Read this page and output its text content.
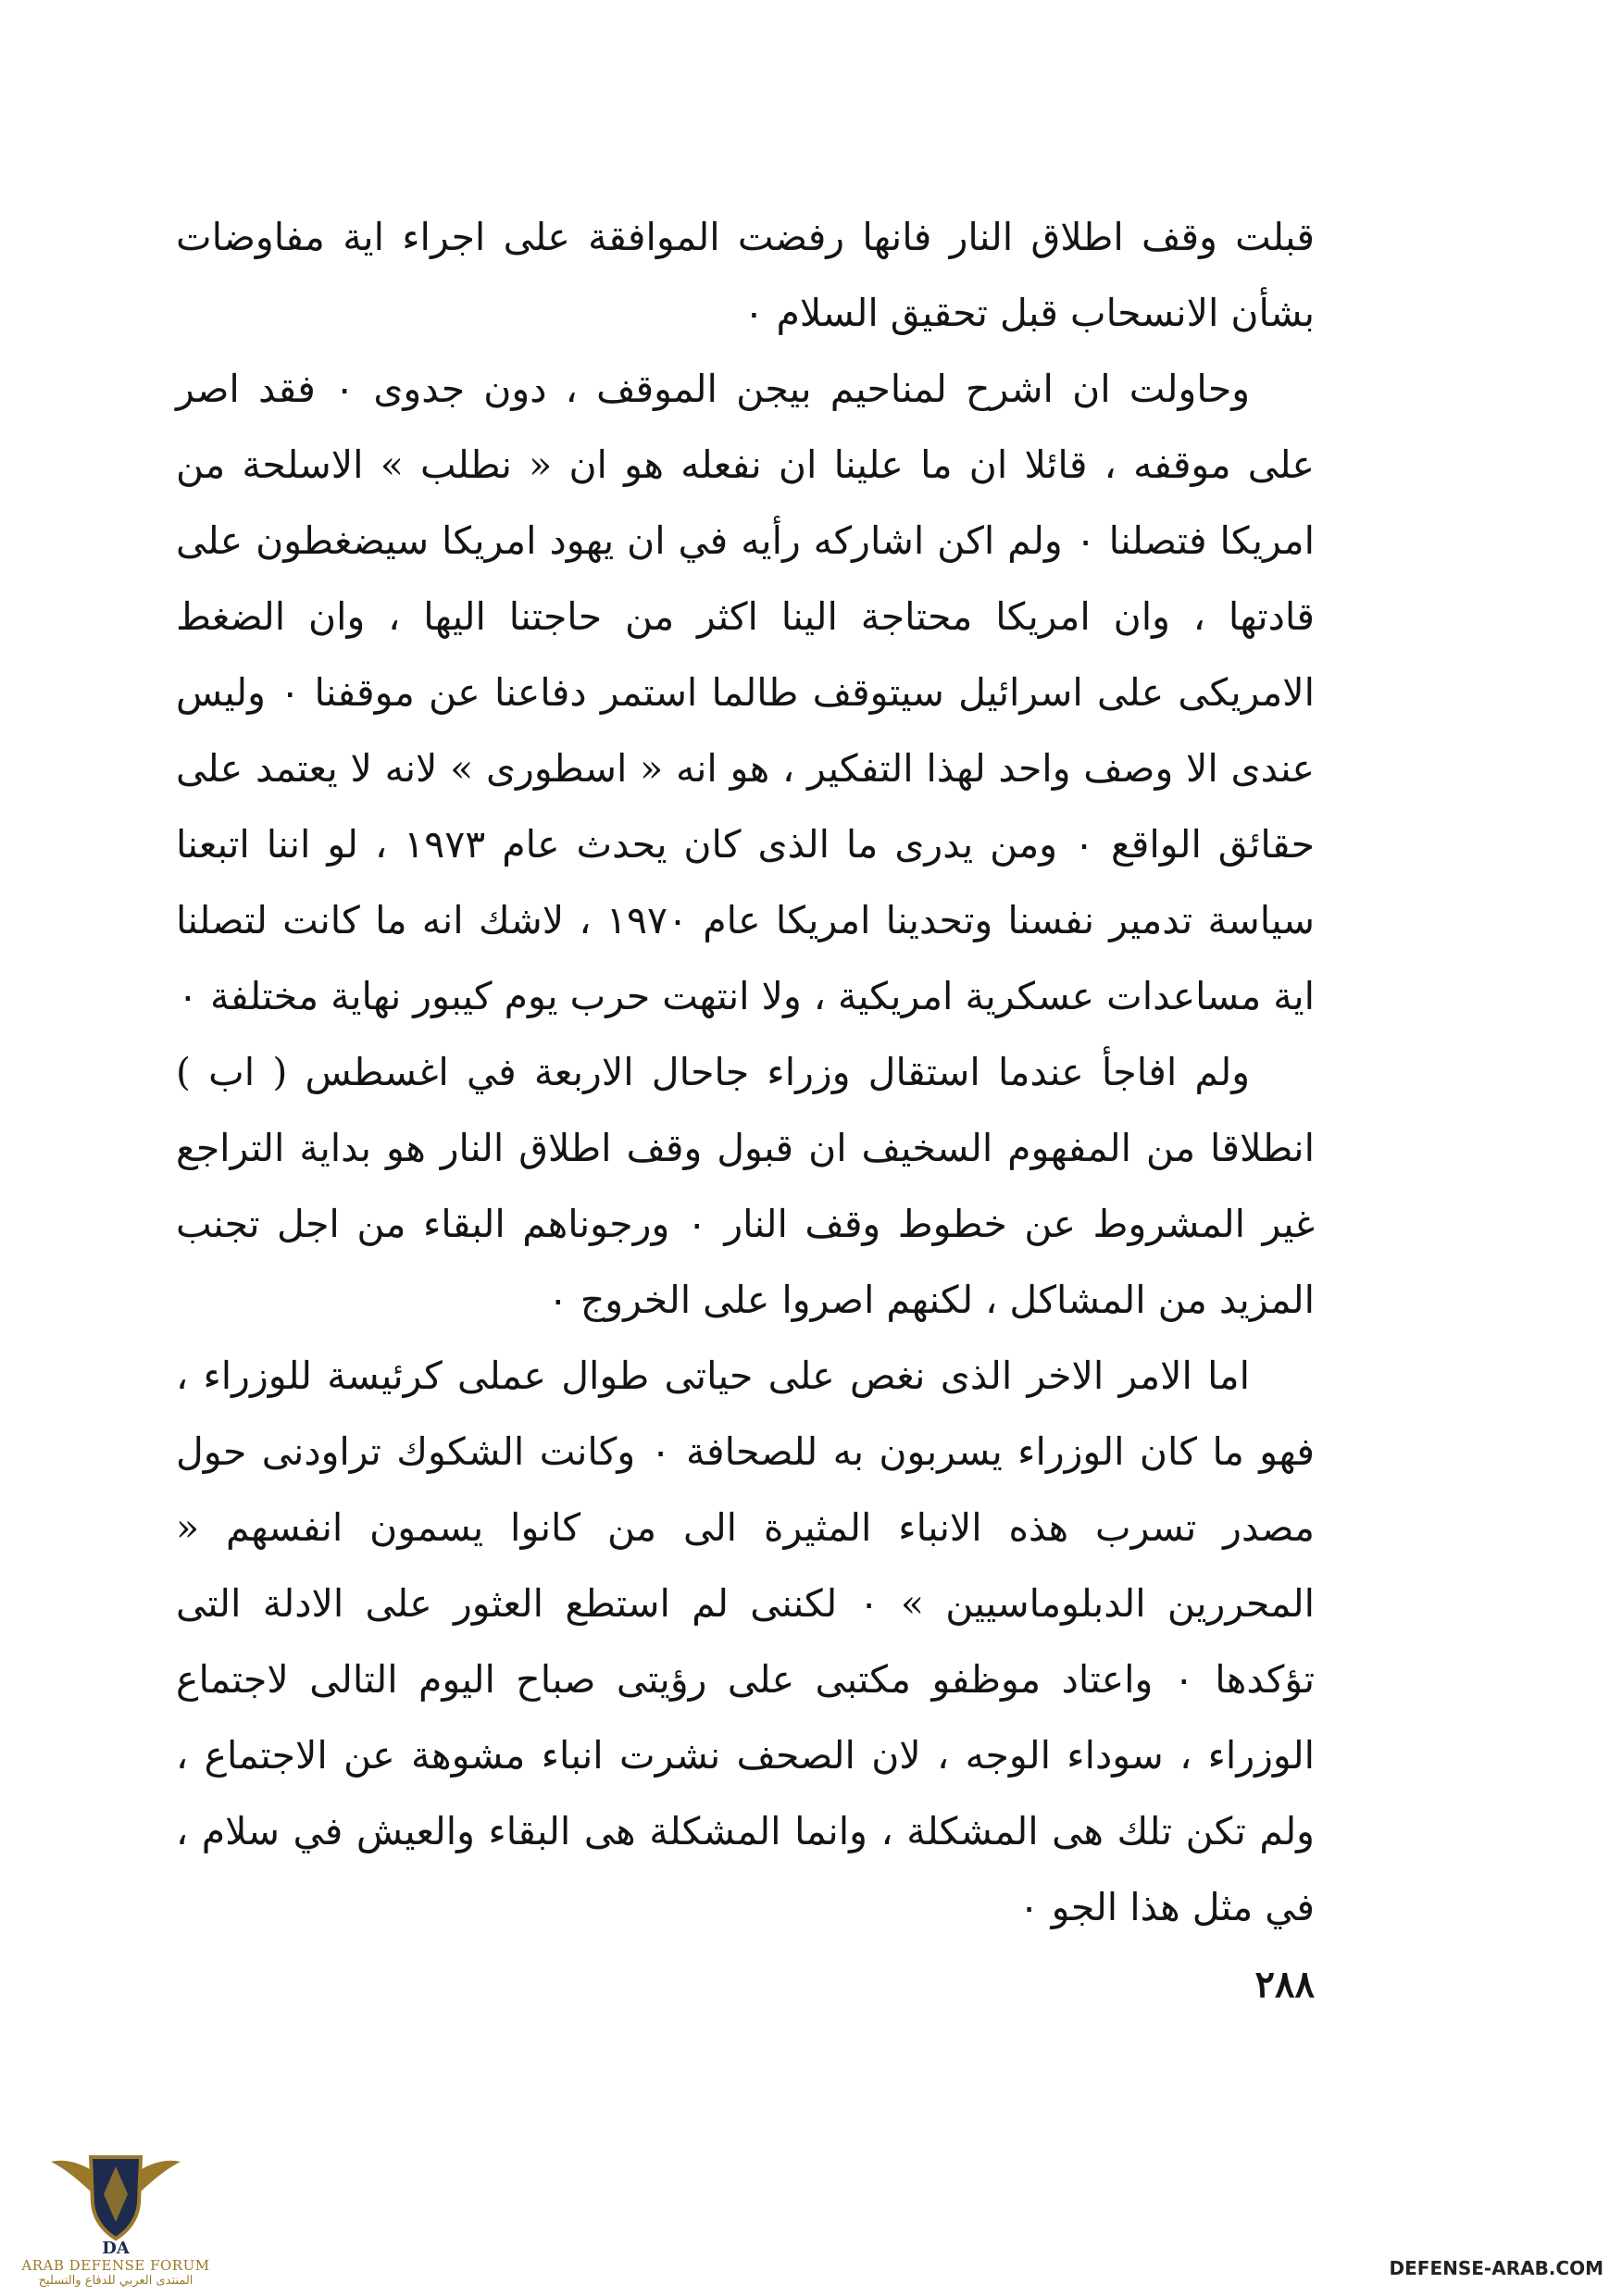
قبلت وقف اطلاق النار فانها رفضت الموافقة على اجراء اية مفاوضات بشأن الانسحاب قبل تحقيق السلام ٠

وحاولت ان اشرح لمناحيم بيجن الموقف ، دون جدوى ٠ فقد اصر على موقفه ، قائلا ان ما علينا ان نفعله هو ان « نطلب » الاسلحة من امريكا فتصلنا ٠ ولم اكن اشاركه رأيه في ان يهود امريكا سيضغطون على قادتها ، وان امريكا محتاجة الينا اكثر من حاجتنا اليها ، وان الضغط الامريكى على اسرائيل سيتوقف طالما استمر دفاعنا عن موقفنا ٠ وليس عندى الا وصف واحد لهذا التفكير ، هو انه « اسطورى » لانه لا يعتمد على حقائق الواقع ٠ ومن يدرى ما الذى كان يحدث عام ١٩٧٣ ، لو اننا اتبعنا سياسة تدمير نفسنا وتحدينا امريكا عام ١٩٧٠ ، لاشك انه ما كانت لتصلنا اية مساعدات عسكرية امريكية ، ولا انتهت حرب يوم كيبور نهاية مختلفة ٠

ولم افاجأ عندما استقال وزراء جاحال الاربعة في اغسطس ( اب ) انطلاقا من المفهوم السخيف ان قبول وقف اطلاق النار هو بداية التراجع غير المشروط عن خطوط وقف النار ٠ ورجوناهم البقاء من اجل تجنب المزيد من المشاكل ، لكنهم اصروا على الخروج ٠

اما الامر الاخر الذى نغص على حياتى طوال عملى كرئيسة للوزراء ، فهو ما كان الوزراء يسربون به للصحافة ٠ وكانت الشكوك تراودنى حول مصدر تسرب هذه الانباء المثيرة الى من كانوا يسمون انفسهم « المحررين الدبلوماسيين » ٠ لكننى لم استطع العثور على الادلة التى تؤكدها ٠ واعتاد موظفو مكتبى على رؤيتى صباح اليوم التالى لاجتماع الوزراء ، سوداء الوجه ، لان الصحف نشرت انباء مشوهة عن الاجتماع ، ولم تكن تلك هى المشكلة ، وانما المشكلة هى البقاء والعيش في سلام ، في مثل هذا الجو ٠

٢٨٨
DA
ARAB DEFENSE FORUM
المنتدى العربي للدفاع والتسليح
DEFENSE-ARAB.COM
